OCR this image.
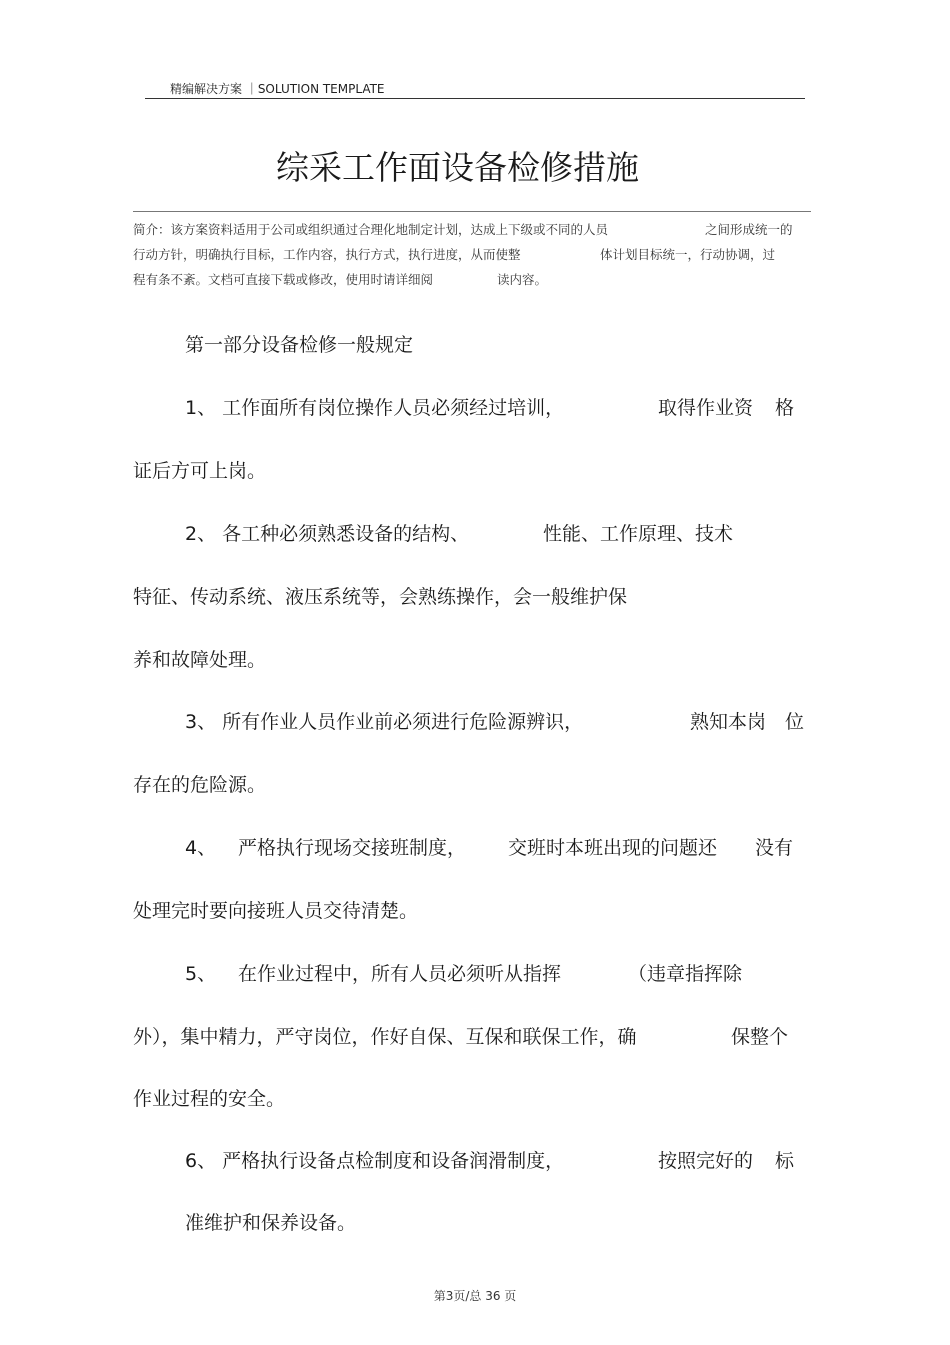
精编解决方案 ｜SOLUTION TEMPLATE
综采工作面设备检修措施
简介：该方案资料适用于公司或组织通过合理化地制定计划，达成上下级或不同的人员	之间形成统一的
行动方针，明确执行目标，工作内容，执行方式，执行进度，从而使整	体计划目标统一，行动协调，过
程有条不紊。文档可直接下载或修改，使用时请详细阅	读内容。
第一部分设备检修一般规定
1、 工作面所有岗位操作人员必须经过培训，	取得作业资 格
证后方可上岗。
2、 各工种必须熟悉设备的结构、	性能、工作原理、技术
特征、传动系统、液压系统等，会熟练操作，会一般维护保
养和故障处理。
3、 所有作业人员作业前必须进行危险源辨识，	熟知本岗 位
存在的危险源。
4、 严格执行现场交接班制度， 交班时本班出现的问题还 没有
处理完时要向接班人员交待清楚。
5、 在作业过程中，所有人员必须听从指挥	（违章指挥除
外），集中精力，严守岗位，作好自保、互保和联保工作，确	保整个
作业过程的安全。
6、 严格执行设备点检制度和设备润滑制度，	按照完好的 标
准维护和保养设备。
第3页/总 36 页
